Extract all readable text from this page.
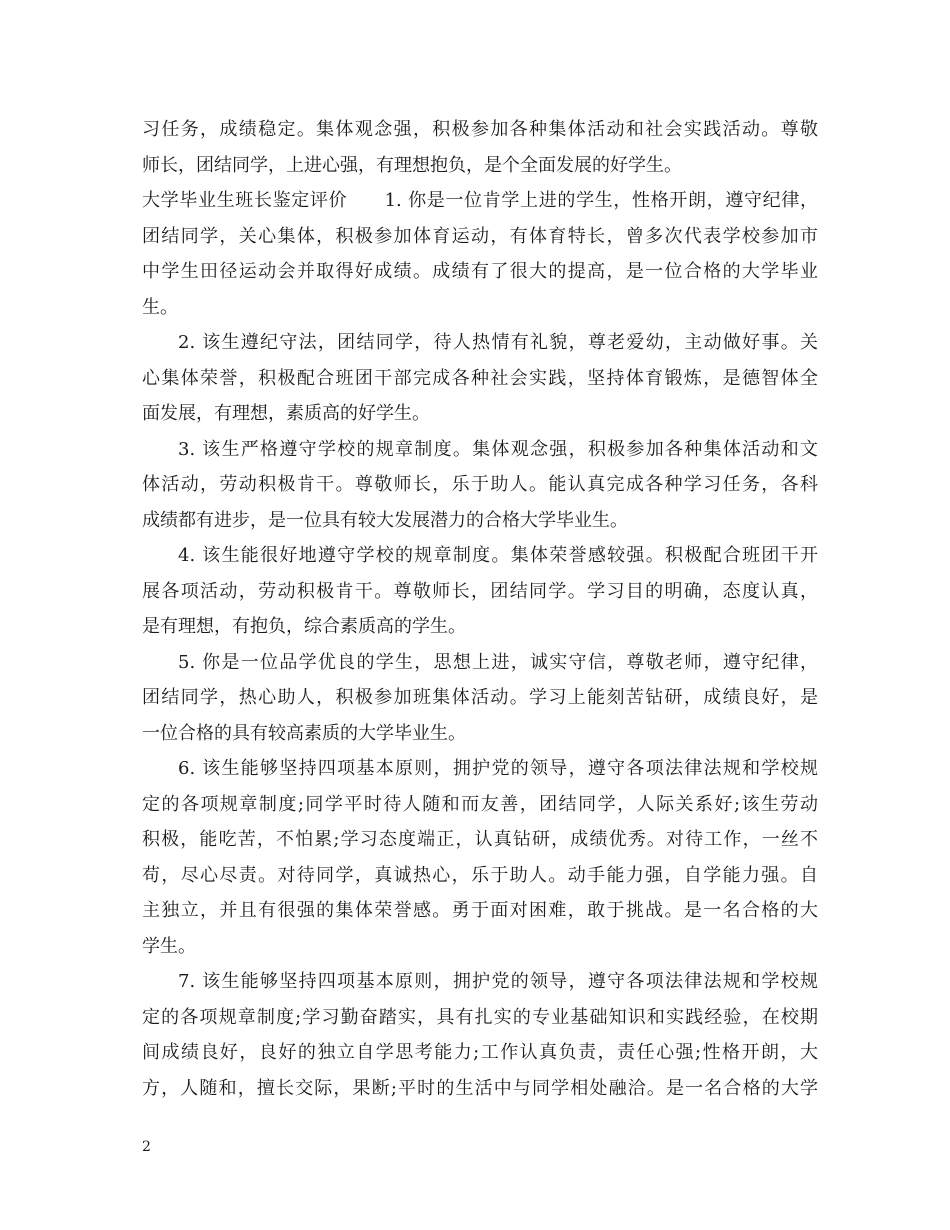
习任务，成绩稳定。集体观念强，积极参加各种集体活动和社会实践活动。尊敬
师长，团结同学，上进心强，有理想抱负，是个全面发展的好学生。
大学毕业生班长鉴定评价　　1. 你是一位肯学上进的学生，性格开朗，遵守纪律，
团结同学，关心集体，积极参加体育运动，有体育特长，曾多次代表学校参加市
中学生田径运动会并取得好成绩。成绩有了很大的提高，是一位合格的大学毕业
生。
2. 该生遵纪守法，团结同学，待人热情有礼貌，尊老爱幼，主动做好事。关
心集体荣誉，积极配合班团干部完成各种社会实践，坚持体育锻炼，是德智体全
面发展，有理想，素质高的好学生。
3. 该生严格遵守学校的规章制度。集体观念强，积极参加各种集体活动和文
体活动，劳动积极肯干。尊敬师长，乐于助人。能认真完成各种学习任务，各科
成绩都有进步，是一位具有较大发展潜力的合格大学毕业生。
4. 该生能很好地遵守学校的规章制度。集体荣誉感较强。积极配合班团干开
展各项活动，劳动积极肯干。尊敬师长，团结同学。学习目的明确，态度认真，
是有理想，有抱负，综合素质高的学生。
5. 你是一位品学优良的学生，思想上进，诚实守信，尊敬老师，遵守纪律，
团结同学，热心助人，积极参加班集体活动。学习上能刻苦钻研，成绩良好，是
一位合格的具有较高素质的大学毕业生。
6. 该生能够坚持四项基本原则，拥护党的领导，遵守各项法律法规和学校规
定的各项规章制度;同学平时待人随和而友善，团结同学，人际关系好;该生劳动
积极，能吃苦，不怕累;学习态度端正，认真钻研，成绩优秀。对待工作，一丝不
苟，尽心尽责。对待同学，真诚热心，乐于助人。动手能力强，自学能力强。自
主独立，并且有很强的集体荣誉感。勇于面对困难，敢于挑战。是一名合格的大
学生。
7. 该生能够坚持四项基本原则，拥护党的领导，遵守各项法律法规和学校规
定的各项规章制度;学习勤奋踏实，具有扎实的专业基础知识和实践经验，在校期
间成绩良好，良好的独立自学思考能力;工作认真负责，责任心强;性格开朗，大
方，人随和，擅长交际，果断;平时的生活中与同学相处融洽。是一名合格的大学
2
